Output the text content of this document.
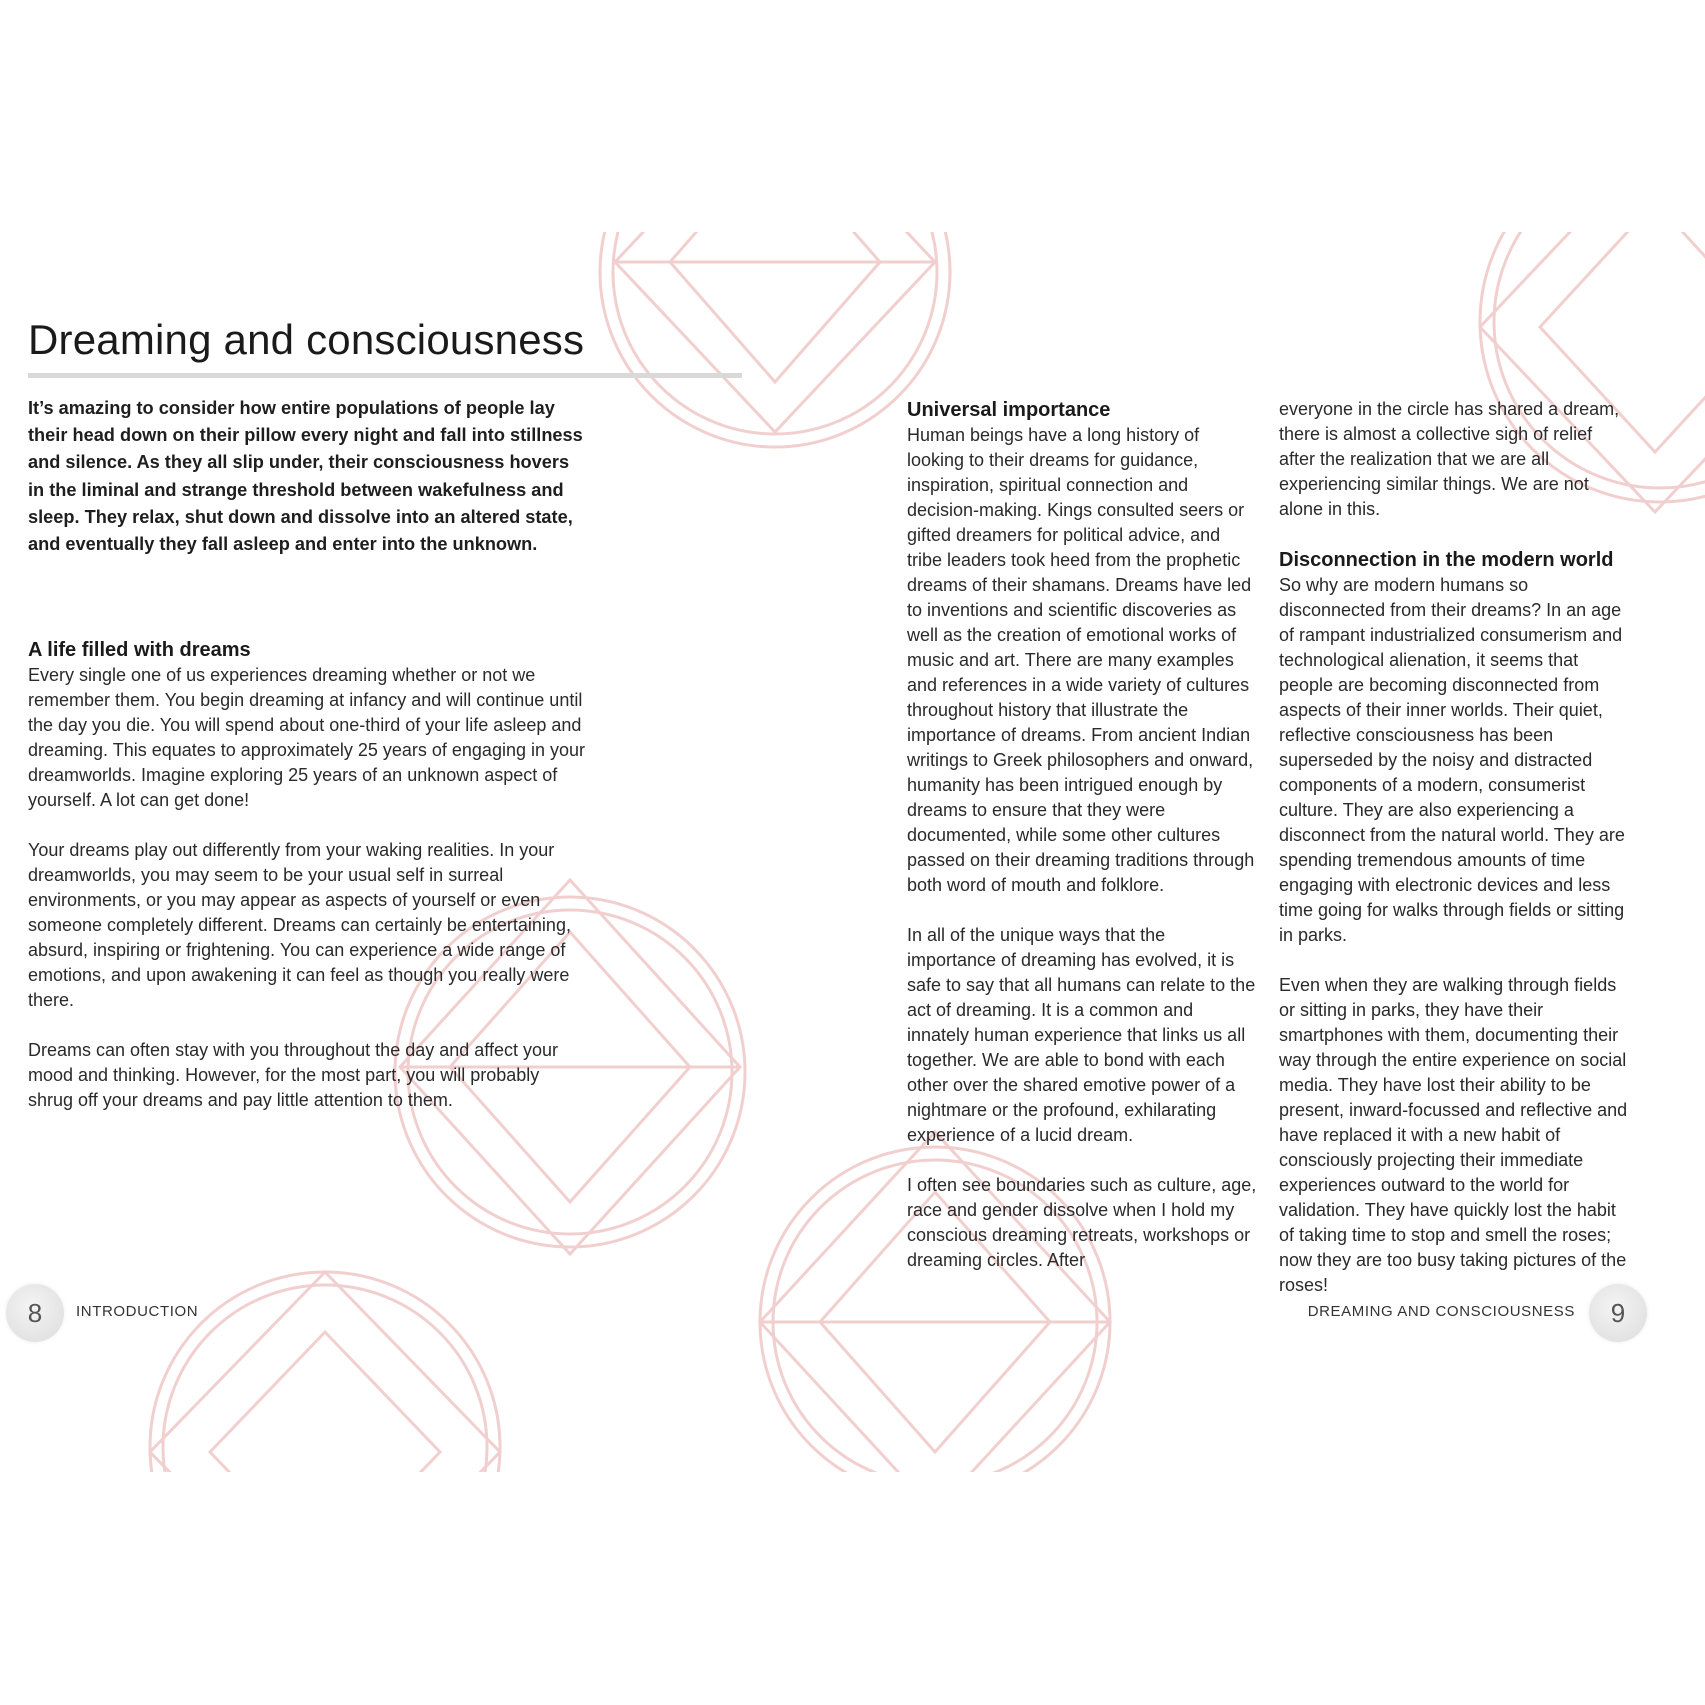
Dreaming and consciousness

It’s amazing to consider how entire populations of people lay their head down on their pillow every night and fall into stillness and silence. As they all slip under, their consciousness hovers in the liminal and strange threshold between wakefulness and sleep. They relax, shut down and dissolve into an altered state, and eventually they fall asleep and enter into the unknown.

A life filled with dreams

Every single one of us experiences dreaming whether or not we remember them. You begin dreaming at infancy and will continue until the day you die. You will spend about one-third of your life asleep and dreaming. This equates to approximately 25 years of engaging in your dreamworlds. Imagine exploring 25 years of an unknown aspect of yourself. A lot can get done!

Your dreams play out differently from your waking realities. In your dreamworlds, you may seem to be your usual self in surreal environments, or you may appear as aspects of yourself or even someone completely different. Dreams can certainly be entertaining, absurd, inspiring or frightening. You can experience a wide range of emotions, and upon awakening it can feel as though you really were there.

Dreams can often stay with you throughout the day and affect your mood and thinking. However, for the most part, you will probably shrug off your dreams and pay little attention to them.

Universal importance

Human beings have a long history of looking to their dreams for guidance, inspiration, spiritual connection and decision-making. Kings consulted seers or gifted dreamers for political advice, and tribe leaders took heed from the prophetic dreams of their shamans. Dreams have led to inventions and scientific discoveries as well as the creation of emotional works of music and art. There are many examples and references in a wide variety of cultures throughout history that illustrate the importance of dreams. From ancient Indian writings to Greek philosophers and onward, humanity has been intrigued enough by dreams to ensure that they were documented, while some other cultures passed on their dreaming traditions through both word of mouth and folklore.

In all of the unique ways that the importance of dreaming has evolved, it is safe to say that all humans can relate to the act of dreaming. It is a common and innately human experience that links us all together. We are able to bond with each other over the shared emotive power of a nightmare or the profound, exhilarating experience of a lucid dream.

I often see boundaries such as culture, age, race and gender dissolve when I hold my conscious dreaming retreats, workshops or dreaming circles. After

everyone in the circle has shared a dream, there is almost a collective sigh of relief after the realization that we are all experiencing similar things. We are not alone in this.

Disconnection in the modern world

So why are modern humans so disconnected from their dreams? In an age of rampant industrialized consumerism and technological alienation, it seems that people are becoming disconnected from aspects of their inner worlds. Their quiet, reflective consciousness has been superseded by the noisy and distracted components of a modern, consumerist culture. They are also experiencing a disconnect from the natural world. They are spending tremendous amounts of time engaging with electronic devices and less time going for walks through fields or sitting in parks.

Even when they are walking through fields or sitting in parks, they have their smartphones with them, documenting their way through the entire experience on social media. They have lost their ability to be present, inward-focussed and reflective and have replaced it with a new habit of consciously projecting their immediate experiences outward to the world for validation. They have quickly lost the habit of taking time to stop and smell the roses; now they are too busy taking pictures of the roses!

8	INTRODUCTION	DREAMING AND CONSCIOUSNESS	9
